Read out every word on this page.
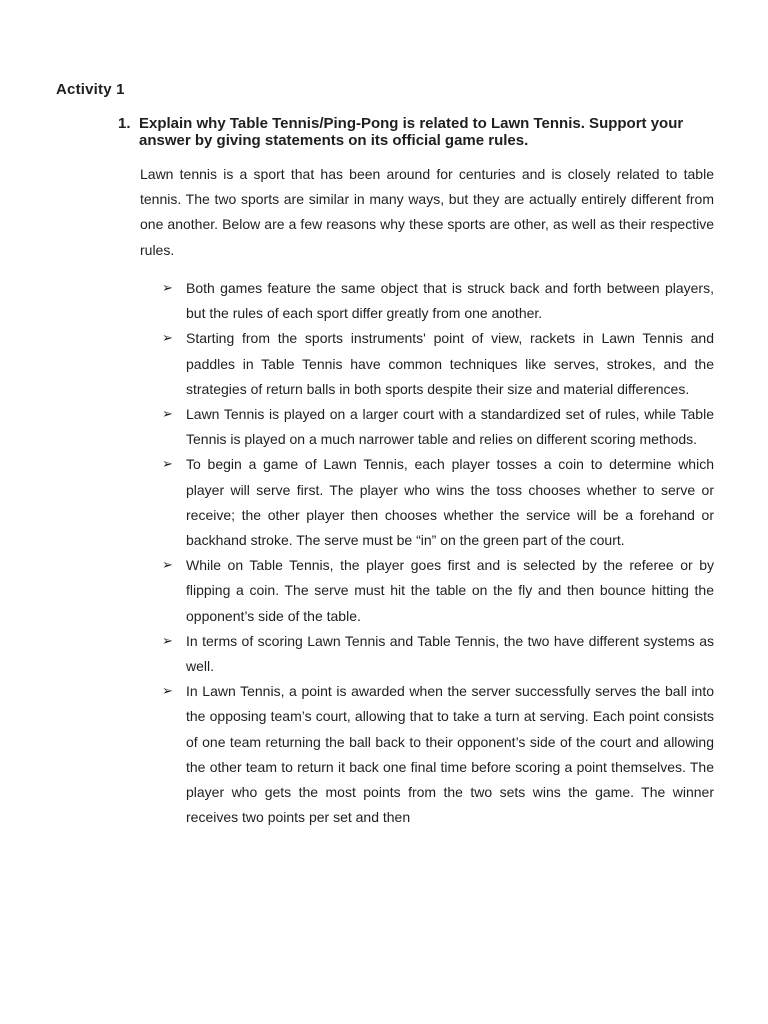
Activity 1
1. Explain why Table Tennis/Ping-Pong is related to Lawn Tennis. Support your answer by giving statements on its official game rules.

Lawn tennis is a sport that has been around for centuries and is closely related to table tennis. The two sports are similar in many ways, but they are actually entirely different from one another. Below are a few reasons why these sports are other, as well as their respective rules.

➢ Both games feature the same object that is struck back and forth between players, but the rules of each sport differ greatly from one another.
➢ Starting from the sports instruments' point of view, rackets in Lawn Tennis and paddles in Table Tennis have common techniques like serves, strokes, and the strategies of return balls in both sports despite their size and material differences.
➢ Lawn Tennis is played on a larger court with a standardized set of rules, while Table Tennis is played on a much narrower table and relies on different scoring methods.
➢ To begin a game of Lawn Tennis, each player tosses a coin to determine which player will serve first. The player who wins the toss chooses whether to serve or receive; the other player then chooses whether the service will be a forehand or backhand stroke. The serve must be “in” on the green part of the court.
➢ While on Table Tennis, the player goes first and is selected by the referee or by flipping a coin. The serve must hit the table on the fly and then bounce hitting the opponent’s side of the table.
➢ In terms of scoring Lawn Tennis and Table Tennis, the two have different systems as well.
➢ In Lawn Tennis, a point is awarded when the server successfully serves the ball into the opposing team’s court, allowing that to take a turn at serving. Each point consists of one team returning the ball back to their opponent’s side of the court and allowing the other team to return it back one final time before scoring a point themselves. The player who gets the most points from the two sets wins the game. The winner receives two points per set and then
